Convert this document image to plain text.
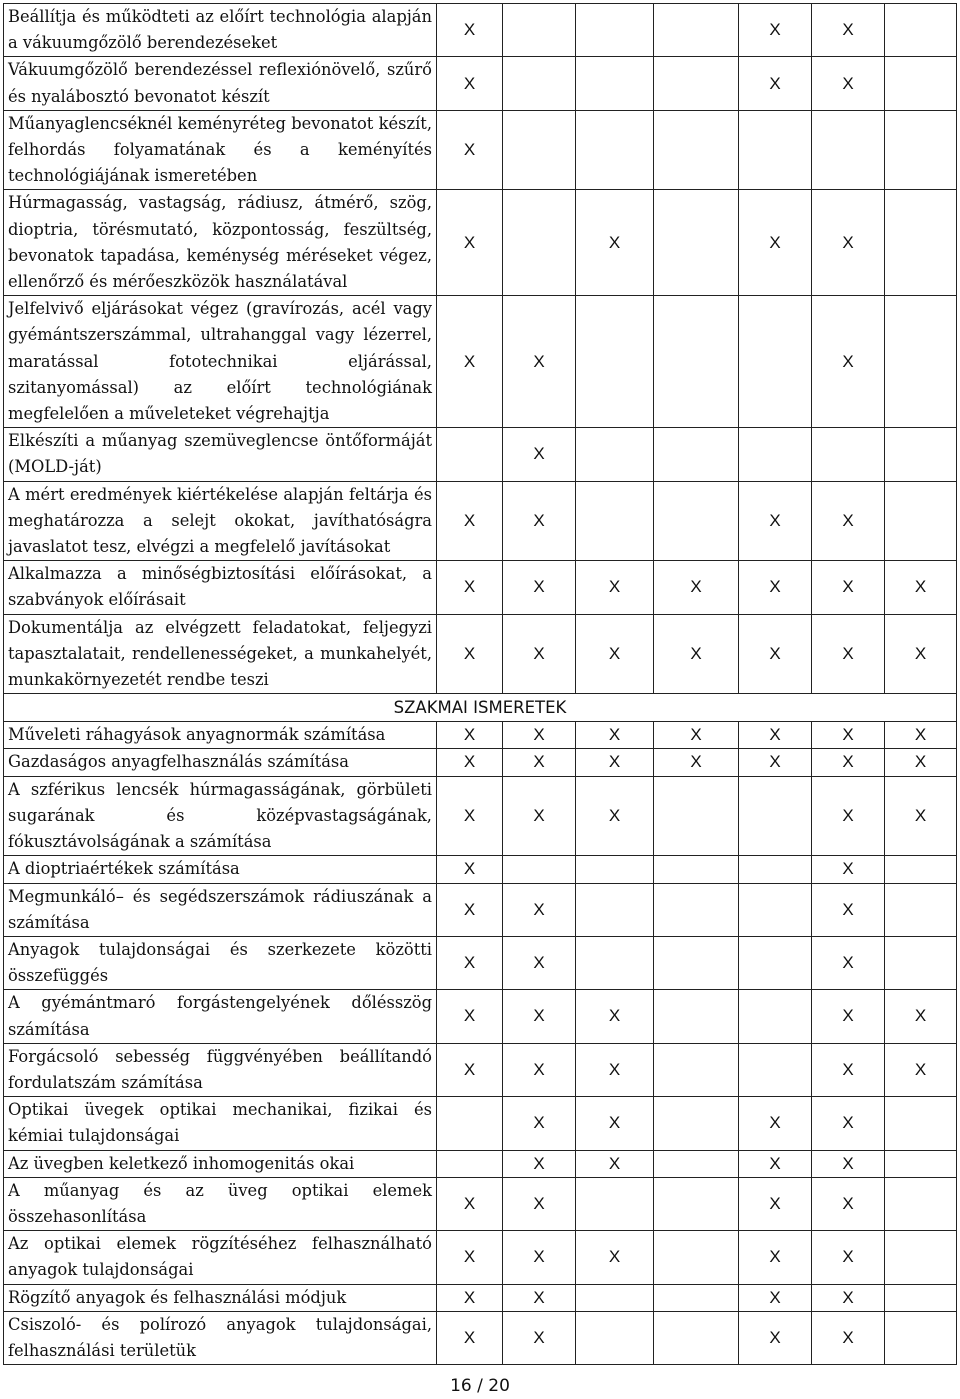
Beállítja és működteti az előírt technológia alapján a vákuumgőzölő berendezéseket	X				X	X	
Vákuumgőzölő berendezéssel reflexiónövelő, szűrő és nyalábosztó bevonatot készít	X				X	X	
Műanyaglencséknél keményréteg bevonatot készít, felhordás folyamatának és a keményítés technológiájának ismeretében	X						
Húrmagasság, vastagság, rádiusz, átmérő, szög, dioptria, törésmutató, központosság, feszültség, bevonatok tapadása, keménység méréseket végez, ellenőrző és mérőeszközök használatával	X		X		X	X	
Jelfelvivő eljárásokat végez (gravírozás, acél vagy gyémántszerszámmal, ultrahanggal vagy lézerrel, maratással fototechnikai eljárással, szitanyomással) az előírt technológiának megfelelően a műveleteket végrehajtja	X	X				X	
Elkészíti a műanyag szemüveglencse öntőformáját (MOLD-ját)		X					
A mért eredmények kiértékelése alapján feltárja és meghatározza a selejt okokat, javíthatóságra javaslatot tesz, elvégzi a megfelelő javításokat	X	X			X	X	
Alkalmazza a minőségbiztosítási előírásokat, a szabványok előírásait	X	X	X	X	X	X	X
Dokumentálja az elvégzett feladatokat, feljegyzi tapasztalatait, rendellenességeket, a munkahelyét, munkakörnyezetét rendbe teszi	X	X	X	X	X	X	X
SZAKMAI ISMERETEK							
Műveleti ráhagyások anyagnormák számítása	X	X	X	X	X	X	X
Gazdaságos anyagfelhasználás számítása	X	X	X	X	X	X	X
A szférikus lencsék húrmagasságának, görbületi sugarának és középvastagságának, fókusztávolságának a számítása	X	X	X			X	X
A dioptriaértékek számítása	X					X	
Megmunkáló– és segédszerszámok rádiuszának a számítása	X	X				X	
Anyagok tulajdonságai és szerkezete közötti összefüggés	X	X				X	
A gyémántmaró forgástengelyének dőlésszög számítása	X	X	X			X	X
Forgácsoló sebesség függvényében beállítandó fordulatszám számítása	X	X	X			X	X
Optikai üvegek optikai mechanikai, fizikai és kémiai tulajdonságai		X	X		X	X	
Az üvegben keletkező inhomogenitás okai		X	X		X	X	
A műanyag és az üveg optikai elemek összehasonlítása	X	X			X	X	
Az optikai elemek rögzítéséhez felhasználható anyagok tulajdonságai	X	X	X		X	X	
Rögzítő anyagok és felhasználási módjuk	X	X			X	X	
Csiszoló- és polírozó anyagok tulajdonságai, felhasználási területük	X	X			X	X	
16 / 20
